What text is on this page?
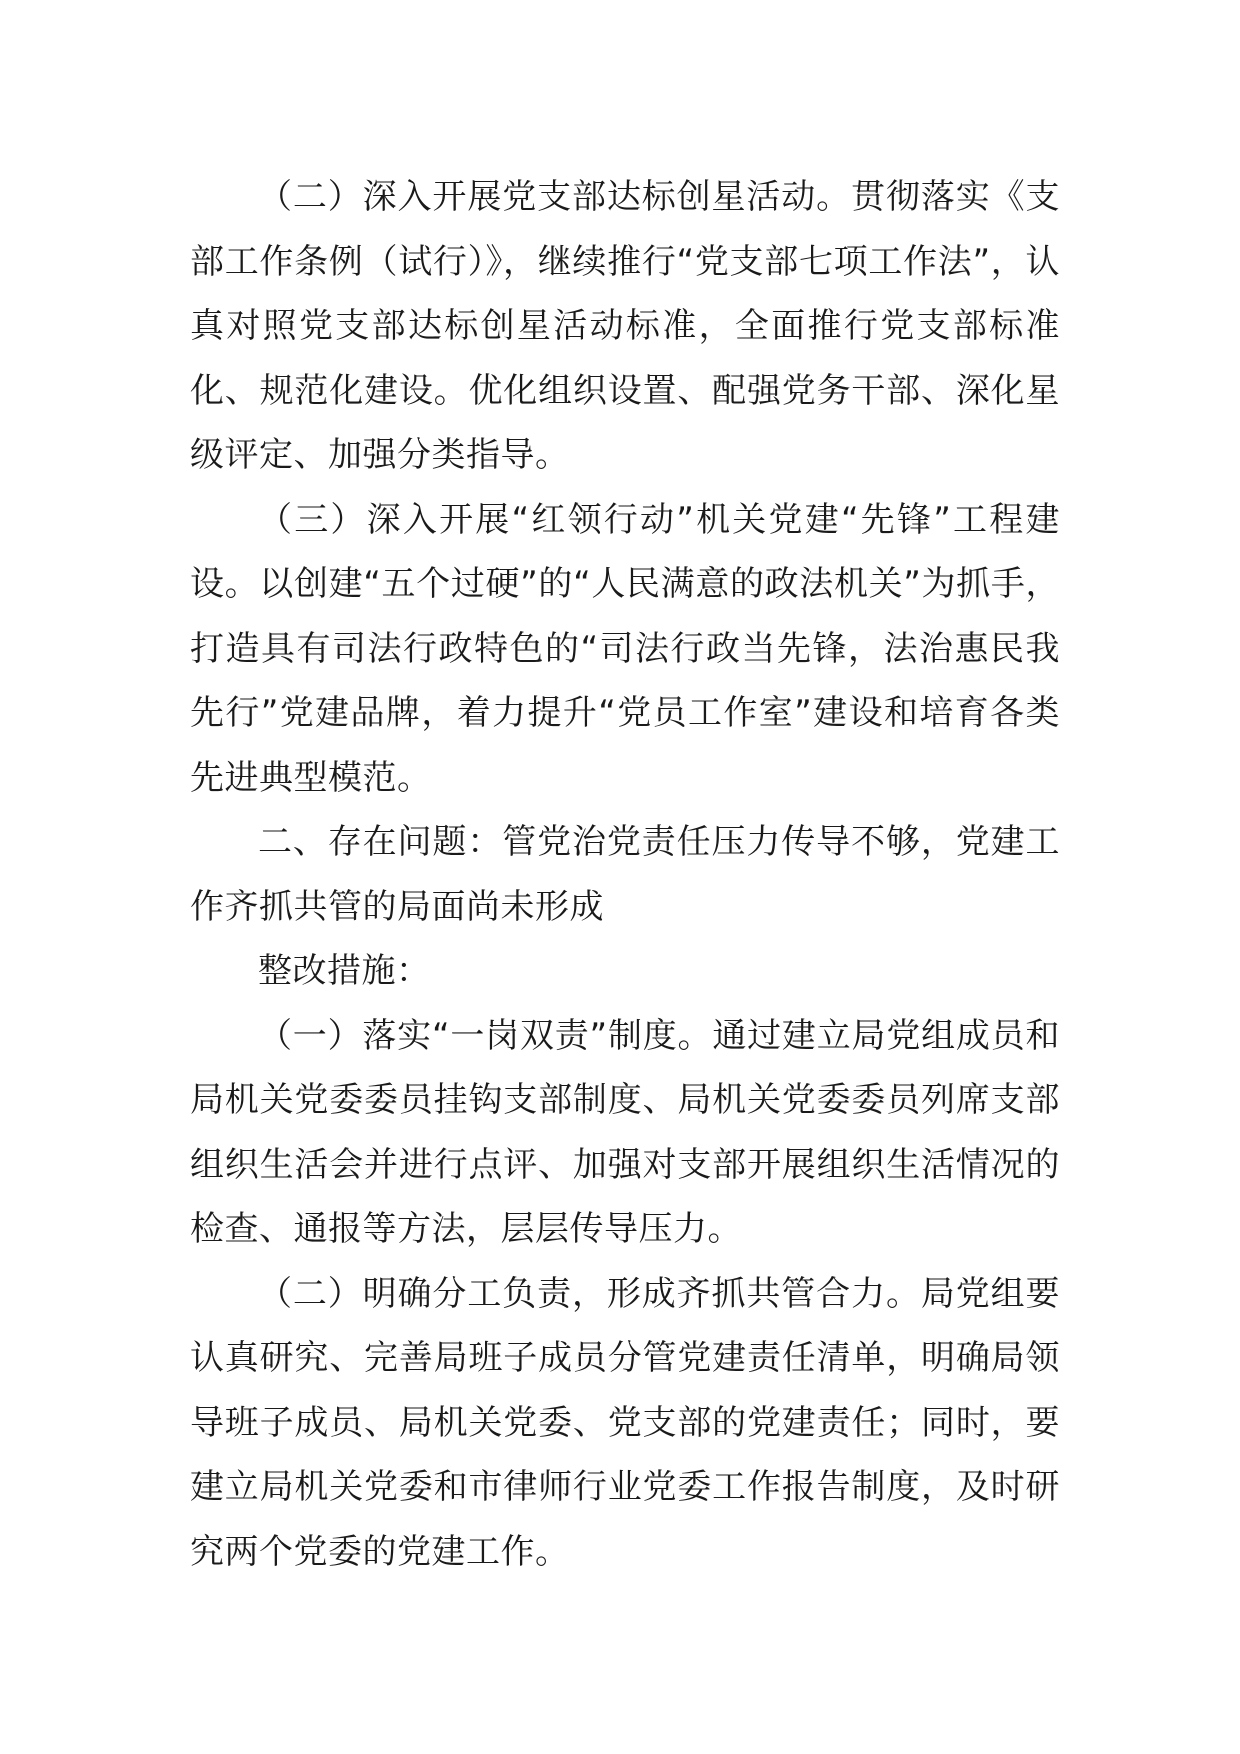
（二）深入开展党支部达标创星活动。贯彻落实《支部工作条例（试行）》，继续推行“党支部七项工作法”，认真对照党支部达标创星活动标准，全面推行党支部标准化、规范化建设。优化组织设置、配强党务干部、深化星级评定、加强分类指导。

（三）深入开展“红领行动”机关党建“先锋”工程建设。以创建“五个过硬”的“人民满意的政法机关”为抓手，打造具有司法行政特色的“司法行政当先锋，法治惠民我先行”党建品牌，着力提升“党员工作室”建设和培育各类先进典型模范。

二、存在问题：管党治党责任压力传导不够，党建工作齐抓共管的局面尚未形成

整改措施：

（一）落实“一岗双责”制度。通过建立局党组成员和局机关党委委员挂钩支部制度、局机关党委委员列席支部组织生活会并进行点评、加强对支部开展组织生活情况的检查、通报等方法，层层传导压力。

（二）明确分工负责，形成齐抓共管合力。局党组要认真研究、完善局班子成员分管党建责任清单，明确局领导班子成员、局机关党委、党支部的党建责任；同时，要建立局机关党委和市律师行业党委工作报告制度，及时研究两个党委的党建工作。
